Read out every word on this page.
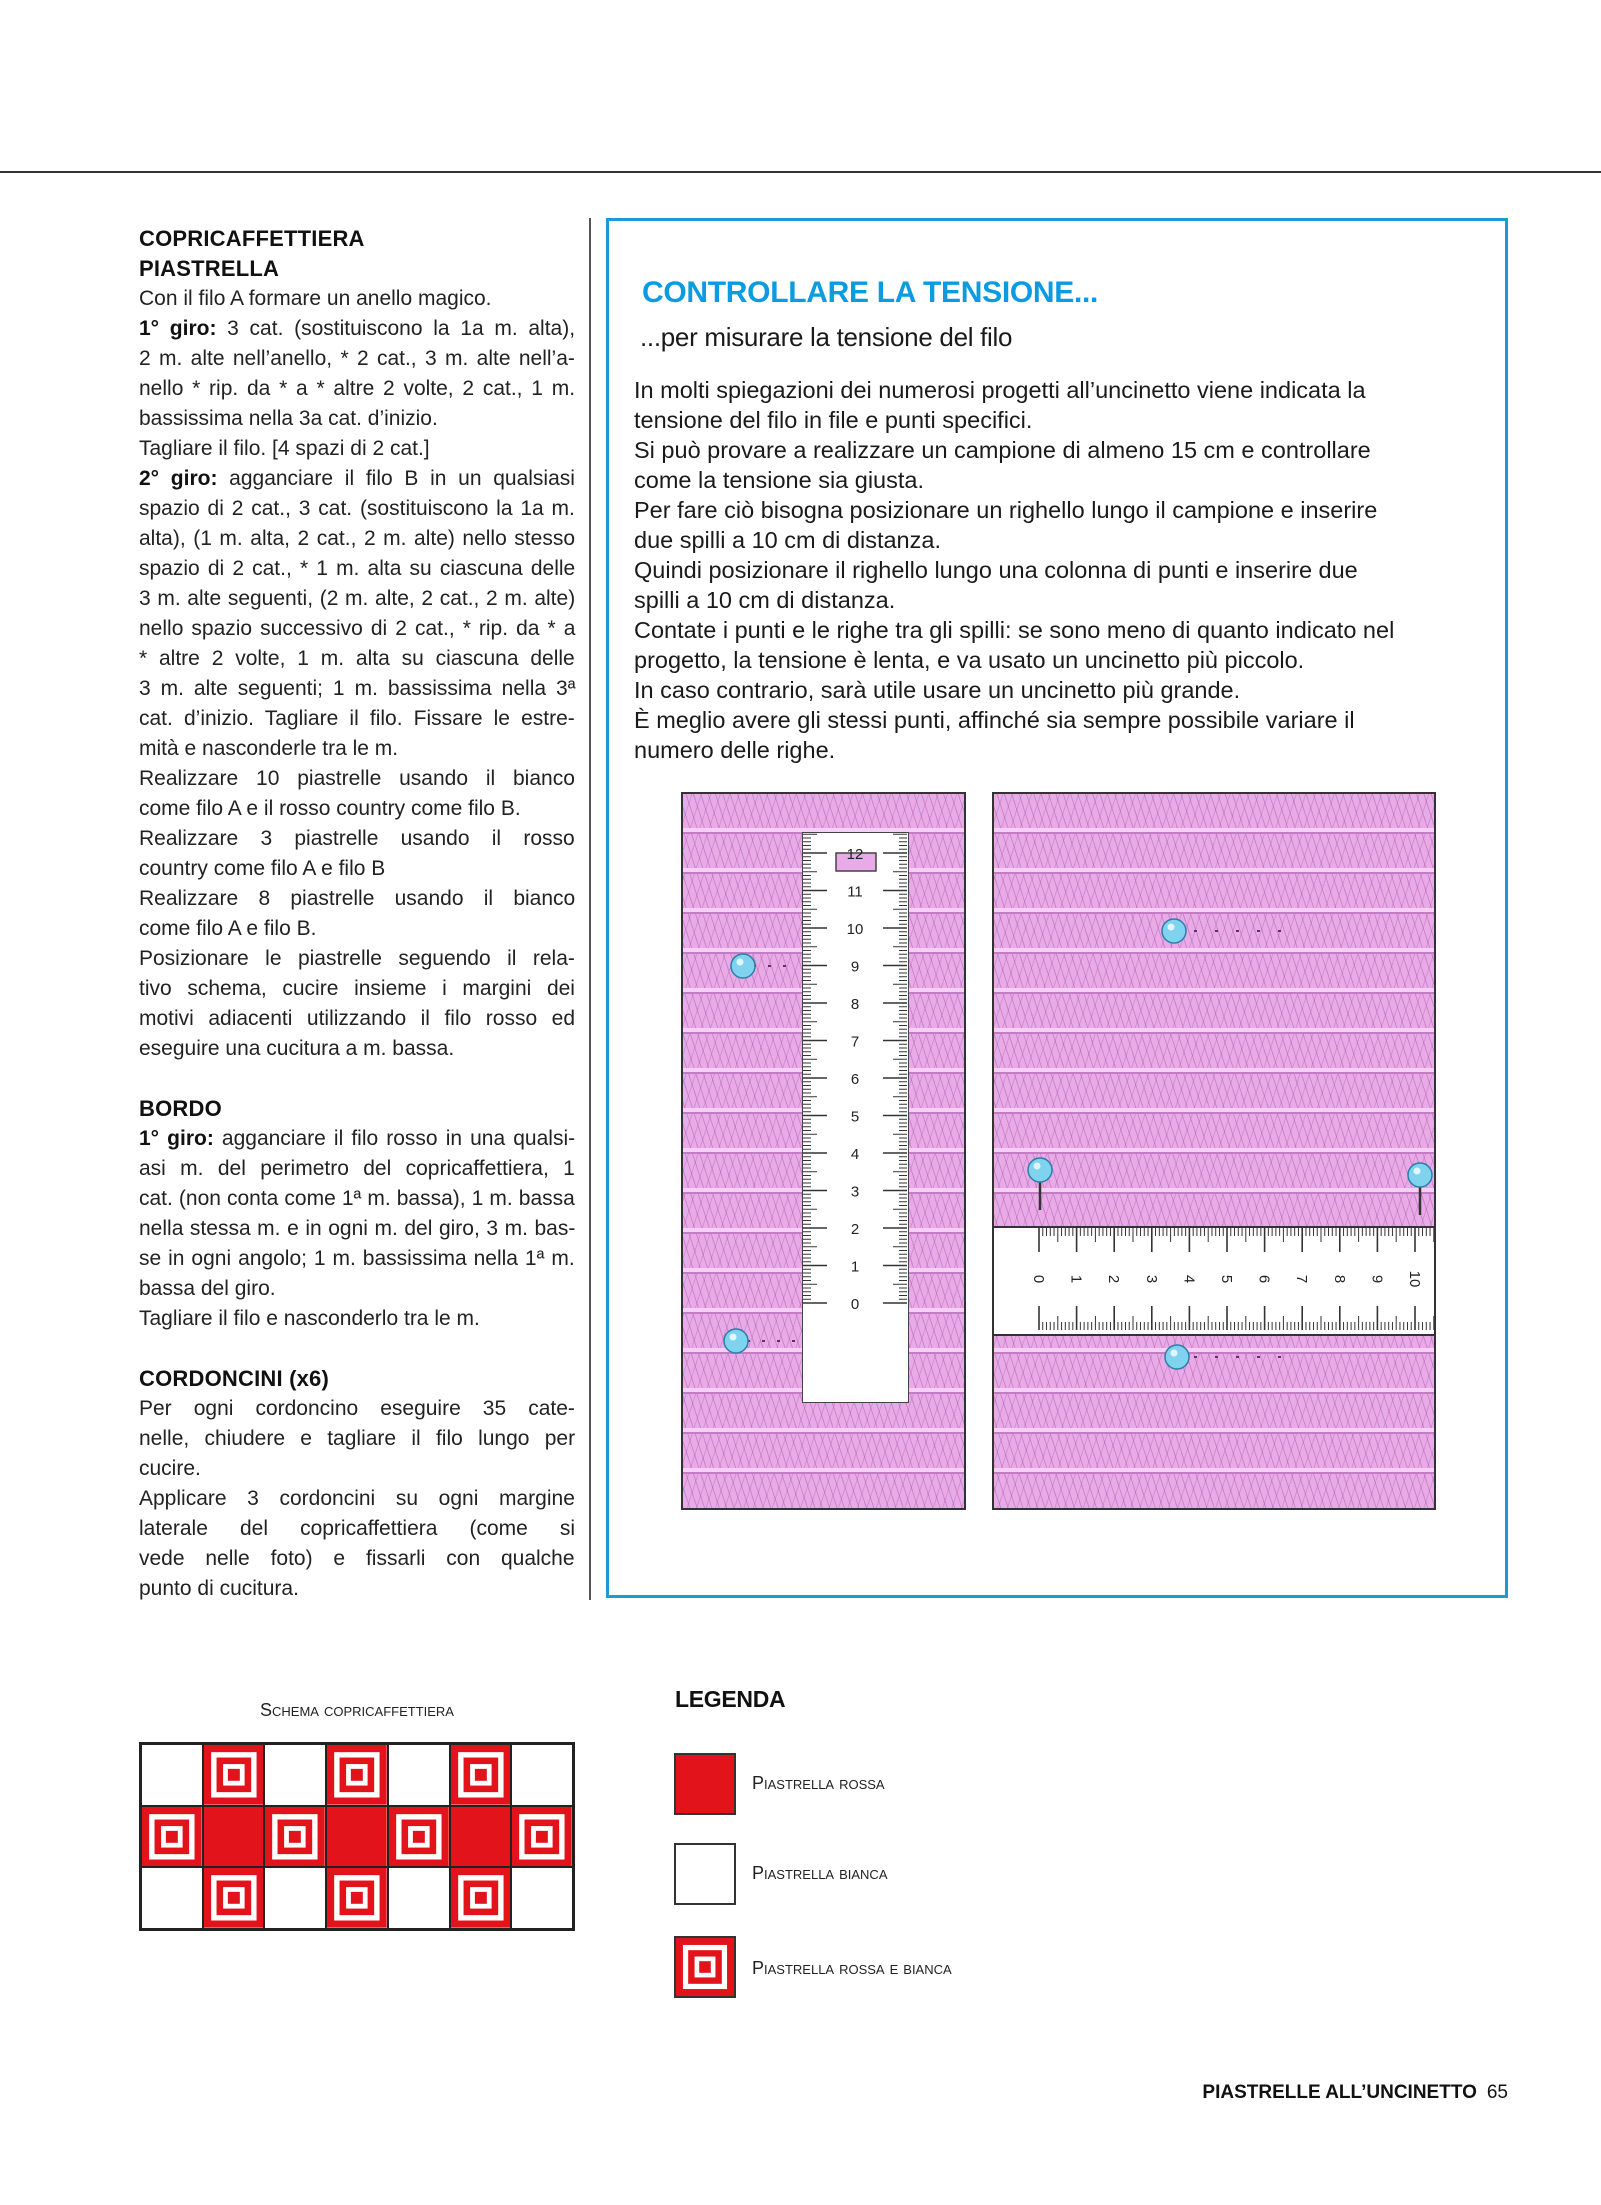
COPRICAFFETTIERA
PIASTRELLA
Con il filo A formare un anello magico.
1° giro: 3 cat. (sostituiscono la 1a m. alta),
2 m. alte nell’anello, * 2 cat., 3 m. alte nell’a-
nello * rip. da * a * altre 2 volte, 2 cat., 1 m.
bassissima nella 3a cat. d’inizio.
Tagliare il filo. [4 spazi di 2 cat.]
2° giro: agganciare il filo B in un qualsiasi
spazio di 2 cat., 3 cat. (sostituiscono la 1a m.
alta), (1 m. alta, 2 cat., 2 m. alte) nello stesso
spazio di 2 cat., * 1 m. alta su ciascuna delle
3 m. alte seguenti, (2 m. alte, 2 cat., 2 m. alte)
nello spazio successivo di 2 cat., * rip. da * a
* altre 2 volte, 1 m. alta su ciascuna delle
3 m. alte seguenti; 1 m. bassissima nella 3ª
cat. d’inizio. Tagliare il filo. Fissare le estre-
mità e nasconderle tra le m.
Realizzare 10 piastrelle usando il bianco
come filo A e il rosso country come filo B.
Realizzare 3 piastrelle usando il rosso
country come filo A e filo B
Realizzare 8 piastrelle usando il bianco
come filo A e filo B.
Posizionare le piastrelle seguendo il rela-
tivo schema, cucire insieme i margini dei
motivi adiacenti utilizzando il filo rosso ed
eseguire una cucitura a m. bassa.
BORDO
1° giro: agganciare il filo rosso in una qualsi-
asi m. del perimetro del copricaffettiera, 1
cat. (non conta come 1ª m. bassa), 1 m. bassa
nella stessa m. e in ogni m. del giro, 3 m. bas-
se in ogni angolo; 1 m. bassissima nella 1ª m.
bassa del giro.
Tagliare il filo e nasconderlo tra le m.
CORDONCINI (x6)
Per ogni cordoncino eseguire 35 cate-
nelle, chiudere e tagliare il filo lungo per
cucire.
Applicare 3 cordoncini su ogni margine
laterale del copricaffettiera (come si
vede nelle foto) e fissarli con qualche
punto di cucitura.
CONTROLLARE LA TENSIONE...
...per misurare la tensione del filo
In molti spiegazioni dei numerosi progetti all’uncinetto viene indicata la
tensione del filo in file e punti specifici.
Si può provare a realizzare un campione di almeno 15 cm e controllare
come la tensione sia giusta.
Per fare ciò bisogna posizionare un righello lungo il campione e inserire
due spilli a 10 cm di distanza.
Quindi posizionare il righello lungo una colonna di punti e inserire due
spilli a 10 cm di distanza.
Contate i punti e le righe tra gli spilli: se sono meno di quanto indicato nel
progetto, la tensione è lenta, e va usato un uncinetto più piccolo.
In caso contrario, sarà utile usare un uncinetto più grande.
È meglio avere gli stessi punti, affinché sia sempre possibile variare il
numero delle righe.
0
1
2
3
4
5
6
7
8
9
10
11
12
0 1 2 3 4 5 6 7 8 9 10
Schema copricaffettiera	LEGENDA
Piastrella rossa
Piastrella bianca
Piastrella rossa e bianca
PIASTRELLE ALL’UNCINETTO 65
